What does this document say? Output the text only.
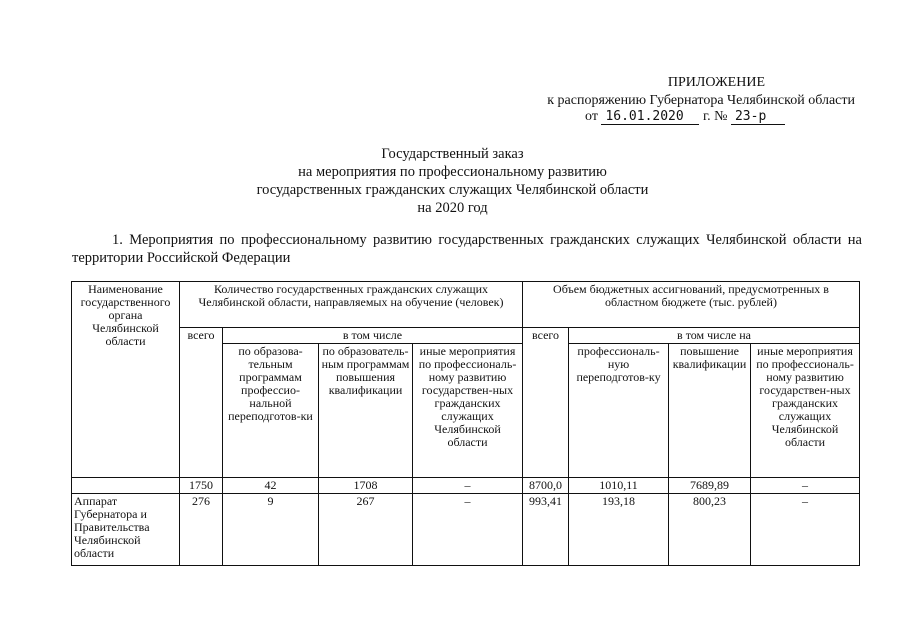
ПРИЛОЖЕНИЕ
к распоряжению Губернатора Челябинской области
от 16.01.2020 г. № 23-р
Государственный заказ
на мероприятия по профессиональному развитию
государственных гражданских служащих Челябинской области
на 2020 год
1. Мероприятия по профессиональному развитию государственных гражданских служащих Челябинской области на территории Российской Федерации
Наименование государственного органа Челябинской области	Количество государственных гражданских служащих Челябинской области, направляемых на обучение (человек)				Объем бюджетных ассигнований, предусмотренных в областном бюджете (тыс. рублей)			
	всего	в том числе			всего	в том числе на		
		по образова-тельным программам профессио-нальной переподготов-ки	по образователь-ным программам повышения квалификации	иные мероприятия по профессиональ-ному развитию государствен-ных гражданских служащих Челябинской области		профессиональ-ную переподготов-ку	повышение квалификации	иные мероприятия по профессиональ-ному развитию государствен-ных гражданских служащих Челябинской области
	1750	42	1708	–	8700,0	1010,11	7689,89	–

Аппарат
Губернатора и
Правительства
Челябинской
области	276	9	267	–	993,41	193,18	800,23	–
